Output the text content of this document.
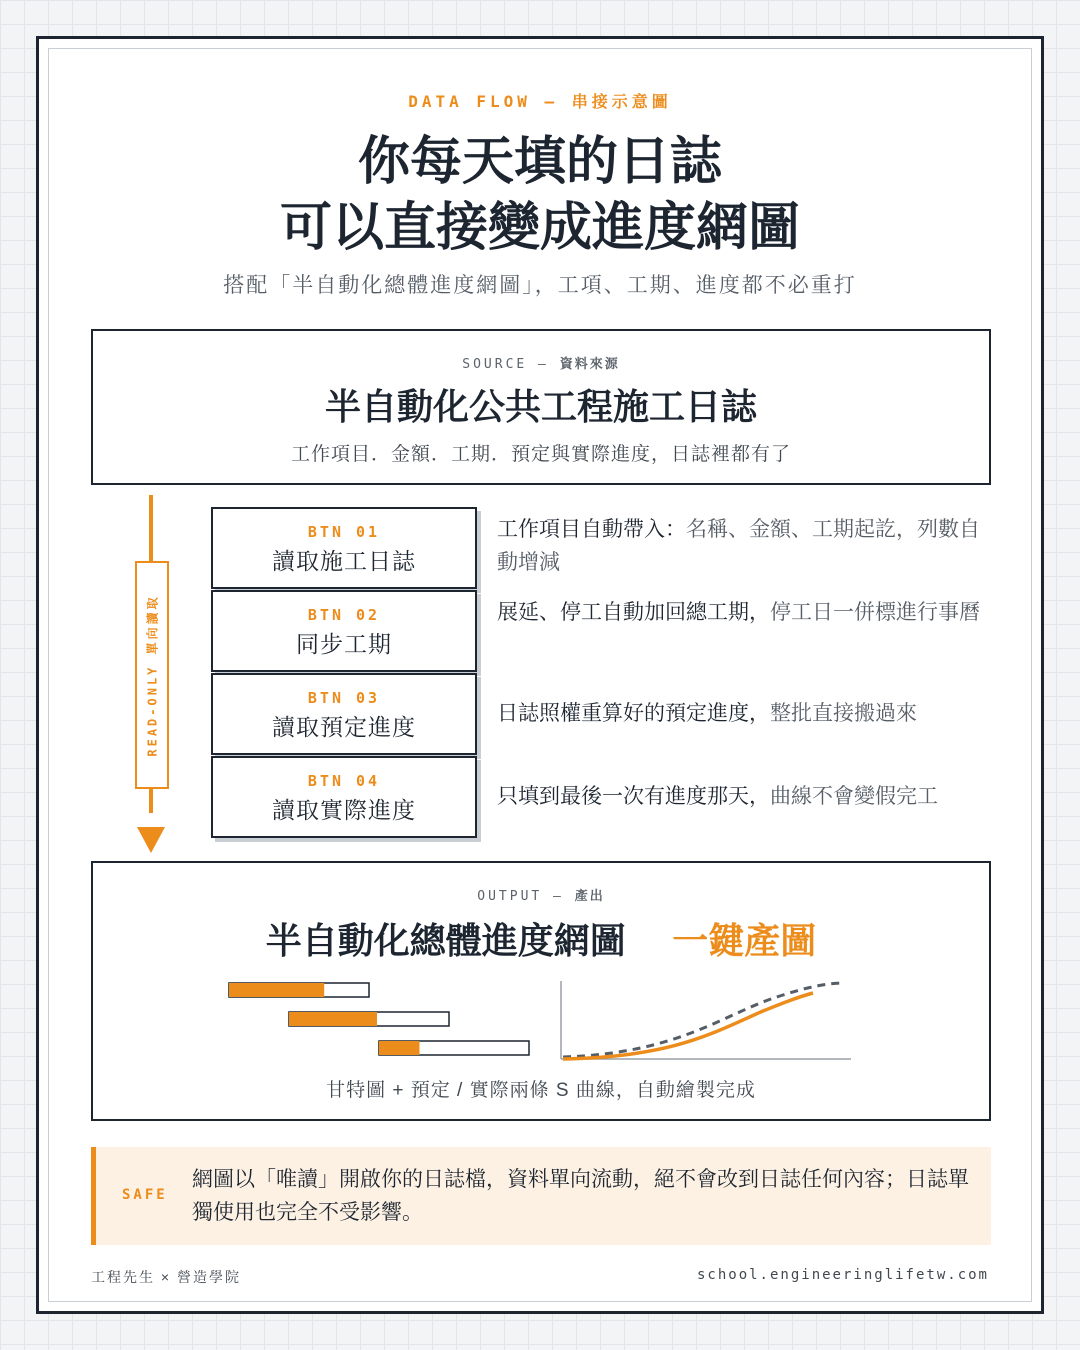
DATA FLOW — 串接示意圖
你每天填的日誌
可以直接變成進度網圖
搭配「半自動化總體進度網圖」，工項、工期、進度都不必重打
SOURCE — 資料來源
半自動化公共工程施工日誌
工作項目．金額．工期．預定與實際進度，日誌裡都有了
READ-ONLY 單向讀取
BTN 01
讀取施工日誌
工作項目自動帶入：名稱、金額、工期起訖，列數自動增減
BTN 02
同步工期
展延、停工自動加回總工期，停工日一併標進行事曆
BTN 03
讀取預定進度
日誌照權重算好的預定進度，整批直接搬過來
BTN 04
讀取實際進度
只填到最後一次有進度那天，曲線不會變假完工
OUTPUT — 產出
半自動化總體進度網圖 一鍵產圖
甘特圖 + 預定 / 實際兩條 S 曲線，自動繪製完成
SAFE
網圖以「唯讀」開啟你的日誌檔，資料單向流動，絕不會改到日誌任何內容；日誌單獨使用也完全不受影響。
工程先生 × 營造學院	school.engineeringlifetw.com
